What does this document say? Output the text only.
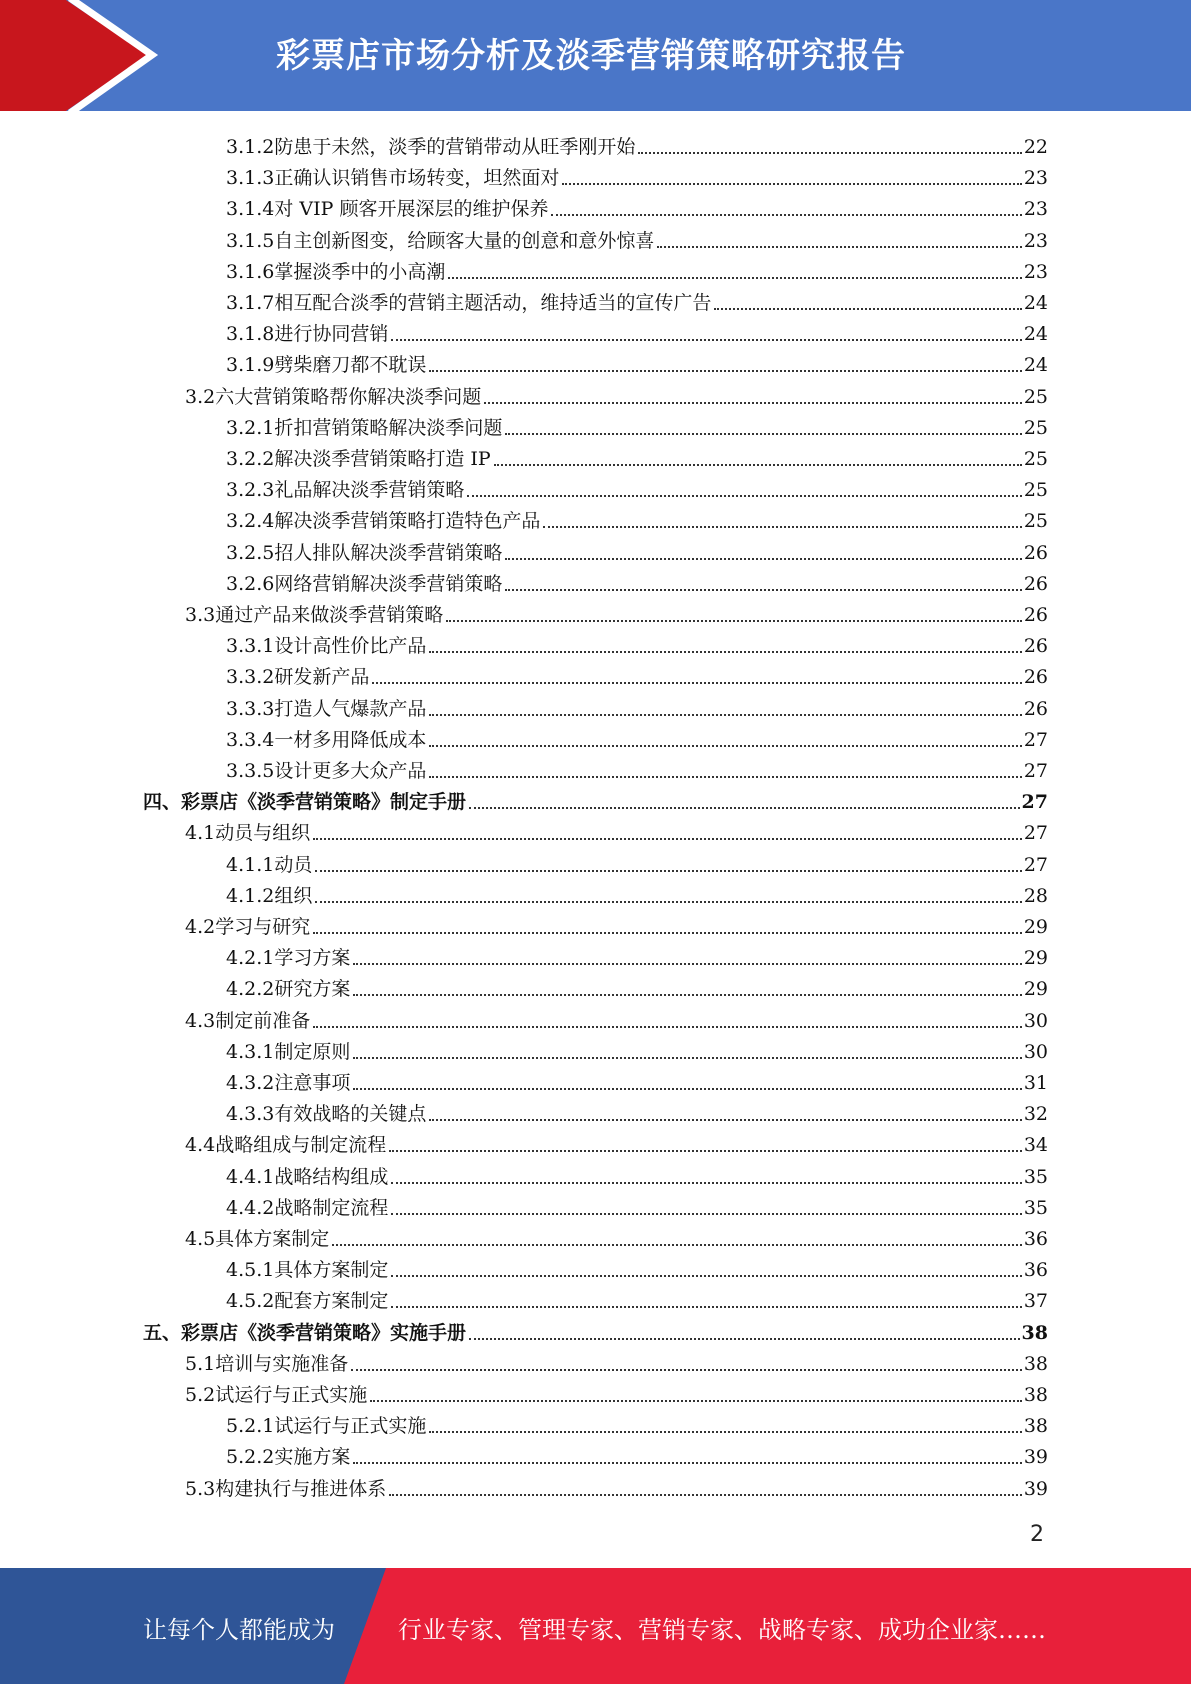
彩票店市场分析及淡季营销策略研究报告
3.1.2 防患于未然，淡季的营销带动从旺季刚开始	22
3.1.3 正确认识销售市场转变，坦然面对	23
3.1.4 对 VIP 顾客开展深层的维护保养	23
3.1.5 自主创新图变，给顾客大量的创意和意外惊喜	23
3.1.6 掌握淡季中的小高潮	23
3.1.7 相互配合淡季的营销主题活动，维持适当的宣传广告	24
3.1.8 进行协同营销	24
3.1.9 劈柴磨刀都不耽误	24
3.2 六大营销策略帮你解决淡季问题	25
3.2.1 折扣营销策略解决淡季问题	25
3.2.2 解决淡季营销策略打造 IP	25
3.2.3 礼品解决淡季营销策略	25
3.2.4 解决淡季营销策略打造特色产品	25
3.2.5 招人排队解决淡季营销策略	26
3.2.6 网络营销解决淡季营销策略	26
3.3 通过产品来做淡季营销策略	26
3.3.1 设计高性价比产品	26
3.3.2 研发新产品	26
3.3.3 打造人气爆款产品	26
3.3.4 一材多用降低成本	27
3.3.5 设计更多大众产品	27
四、 彩票店《淡季营销策略》制定手册	27
4.1 动员与组织	27
4.1.1 动员	27
4.1.2 组织	28
4.2 学习与研究	29
4.2.1 学习方案	29
4.2.2 研究方案	29
4.3 制定前准备	30
4.3.1 制定原则	30
4.3.2 注意事项	31
4.3.3 有效战略的关键点	32
4.4 战略组成与制定流程	34
4.4.1 战略结构组成	35
4.4.2 战略制定流程	35
4.5 具体方案制定	36
4.5.1 具体方案制定	36
4.5.2 配套方案制定	37
五、 彩票店《淡季营销策略》实施手册	38
5.1 培训与实施准备	38
5.2 试运行与正式实施	38
5.2.1 试运行与正式实施	38
5.2.2 实施方案	39
5.3 构建执行与推进体系	39
2
让每个人都能成为	行业专家、管理专家、营销专家、战略专家、成功企业家……
